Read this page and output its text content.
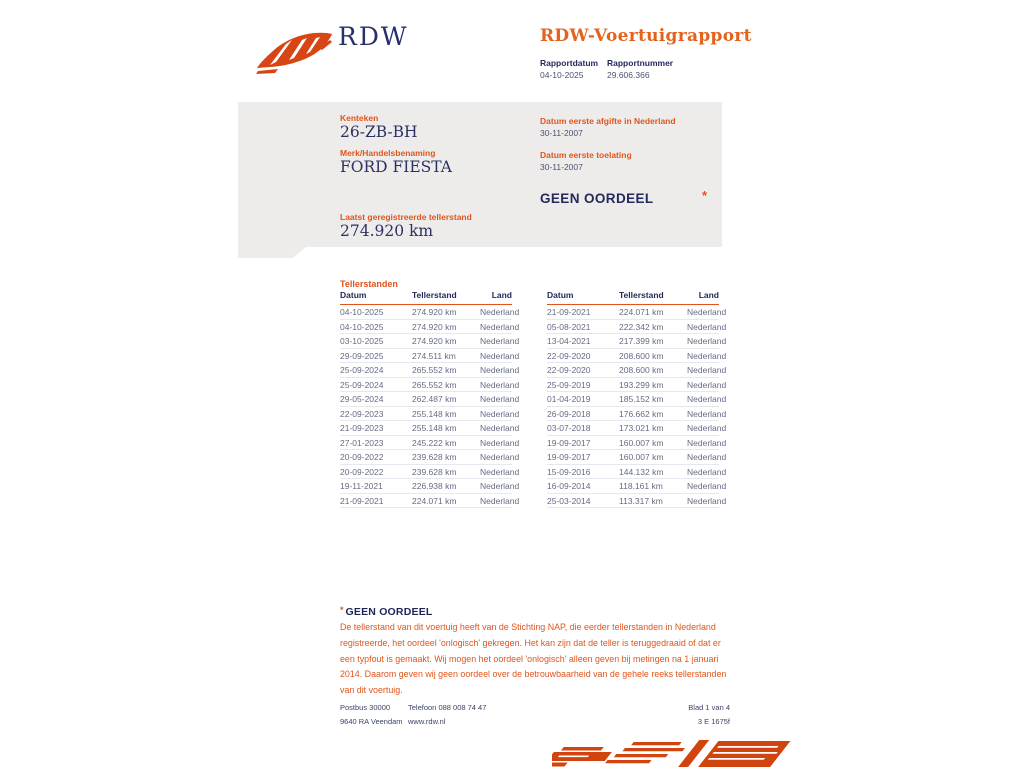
RDW	RDW-Voertuigrapport
Rapportdatum Rapportnummer
04-10-2025	29.606.366
Kenteken
26-ZB-BH
Merk/Handelsbenaming
FORD FIESTA
Laatst geregistreerde tellerstand
274.920 km
Datum eerste afgifte in Nederland
30-11-2007
Datum eerste toelating
30-11-2007
GEEN OORDEEL	*
Tellerstanden
Datum	Tellerstand	Land
04-10-2025	274.920 km	Nederland
04-10-2025	274.920 km	Nederland
03-10-2025	274.920 km	Nederland
29-09-2025	274.511 km	Nederland
25-09-2024	265.552 km	Nederland
25-09-2024	265.552 km	Nederland
29-05-2024	262.487 km	Nederland
22-09-2023	255.148 km	Nederland
21-09-2023	255.148 km	Nederland
27-01-2023	245.222 km	Nederland
20-09-2022	239.628 km	Nederland
20-09-2022	239.628 km	Nederland
19-11-2021	226.938 km	Nederland
21-09-2021	224.071 km	Nederland
Datum	Tellerstand	Land
21-09-2021	224.071 km	Nederland
05-08-2021	222.342 km	Nederland
13-04-2021	217.399 km	Nederland
22-09-2020	208.600 km	Nederland
22-09-2020	208.600 km	Nederland
25-09-2019	193.299 km	Nederland
01-04-2019	185.152 km	Nederland
26-09-2018	176.662 km	Nederland
03-07-2018	173.021 km	Nederland
19-09-2017	160.007 km	Nederland
19-09-2017	160.007 km	Nederland
15-09-2016	144.132 km	Nederland
16-09-2014	118.161 km	Nederland
25-03-2014	113.317 km	Nederland
* GEEN OORDEEL
De tellerstand van dit voertuig heeft van de Stichting NAP, die eerder tellerstanden in Nederland registreerde, het oordeel 'onlogisch' gekregen. Het kan zijn dat de teller is teruggedraaid of dat er een typfout is gemaakt. Wij mogen het oordeel 'onlogisch' alleen geven bij metingen na 1 januari 2014. Daarom geven wij geen oordeel over de betrouwbaarheid van de gehele reeks tellerstanden van dit voertuig.
Postbus 30000
9640 RA Veendam
Telefoon 088 008 74 47
www.rdw.nl
Blad 1 van 4
3 E 1675f
